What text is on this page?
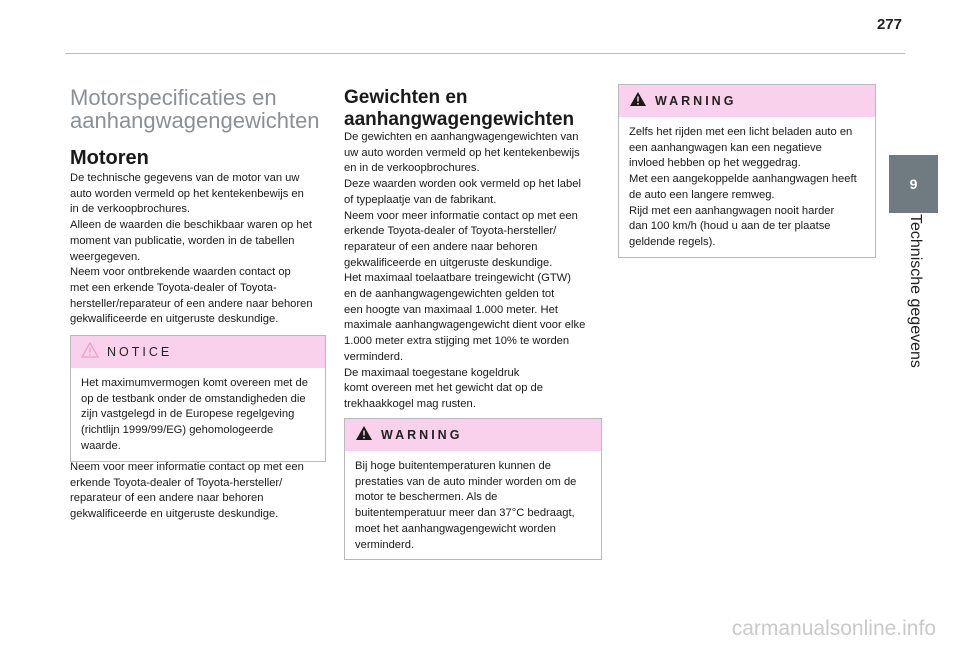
277
9
Technische gegevens
Motorspecificaties en
aanhangwagengewichten
Motoren
De technische gegevens van de motor van uw
auto worden vermeld op het kentekenbewijs en
in de verkoopbrochures.
Alleen de waarden die beschikbaar waren op het
moment van publicatie, worden in de tabellen
weergegeven.
Neem voor ontbrekende waarden contact op
met een erkende Toyota-dealer of Toyota-
hersteller/reparateur of een andere naar behoren
gekwalificeerde en uitgeruste deskundige.
NOTICE
Het maximumvermogen komt overeen met de
op de testbank onder de omstandigheden die
zijn vastgelegd in de Europese regelgeving
(richtlijn 1999/99/EG) gehomologeerde
waarde.
Neem voor meer informatie contact op met een
erkende Toyota-dealer of Toyota-hersteller/
reparateur of een andere naar behoren
gekwalificeerde en uitgeruste deskundige.
Gewichten en
aanhangwagengewichten
De gewichten en aanhangwagengewichten van
uw auto worden vermeld op het kentekenbewijs
en in de verkoopbrochures.
Deze waarden worden ook vermeld op het label
of typeplaatje van de fabrikant.
Neem voor meer informatie contact op met een
erkende Toyota-dealer of Toyota-hersteller/
reparateur of een andere naar behoren
gekwalificeerde en uitgeruste deskundige.
Het maximaal toelaatbare treingewicht (GTW)
en de aanhangwagengewichten gelden tot
een hoogte van maximaal 1.000 meter. Het
maximale aanhangwagengewicht dient voor elke
1.000 meter extra stijging met 10% te worden
verminderd.
De maximaal toegestane kogeldruk
komt overeen met het gewicht dat op de
trekhaakkogel mag rusten.
WARNING
Bij hoge buitentemperaturen kunnen de
prestaties van de auto minder worden om de
motor te beschermen. Als de
buitentemperatuur meer dan 37°C bedraagt,
moet het aanhangwagengewicht worden
verminderd.
WARNING
Zelfs het rijden met een licht beladen auto en
een aanhangwagen kan een negatieve
invloed hebben op het weggedrag.
Met een aangekoppelde aanhangwagen heeft
de auto een langere remweg.
Rijd met een aanhangwagen nooit harder
dan 100 km/h (houd u aan de ter plaatse
geldende regels).
carmanualsonline.info
